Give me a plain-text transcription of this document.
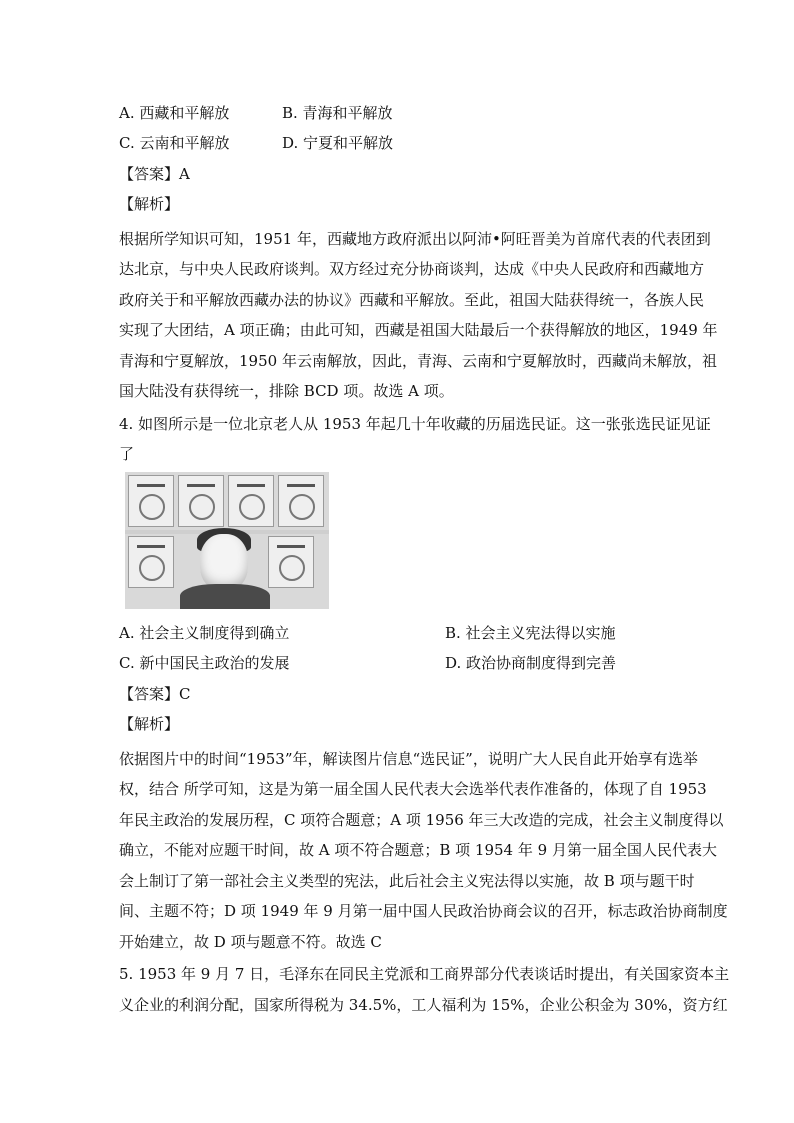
A. 西藏和平解放	B. 青海和平解放
C. 云南和平解放	D. 宁夏和平解放
【答案】A
【解析】
根据所学知识可知，1951 年，西藏地方政府派出以阿沛•阿旺晋美为首席代表的代表团到
达北京，与中央人民政府谈判。双方经过充分协商谈判，达成《中央人民政府和西藏地方
政府关于和平解放西藏办法的协议》西藏和平解放。至此，祖国大陆获得统一，各族人民
实现了大团结，A 项正确；由此可知，西藏是祖国大陆最后一个获得解放的地区，1949 年
青海和宁夏解放，1950 年云南解放，因此，青海、云南和宁夏解放时，西藏尚未解放，祖
国大陆没有获得统一，排除 BCD 项。故选 A 项。
4. 如图所示是一位北京老人从 1953 年起几十年收藏的历届选民证。这一张张选民证见证
了
A. 社会主义制度得到确立	B. 社会主义宪法得以实施
C. 新中国民主政治的发展	D. 政治协商制度得到完善
【答案】C
【解析】
依据图片中的时间“1953”年，解读图片信息“选民证”，说明广大人民自此开始享有选举
权，结合 所学可知，这是为第一届全国人民代表大会选举代表作准备的，体现了自 1953
年民主政治的发展历程，C 项符合题意；A 项 1956 年三大改造的完成，社会主义制度得以
确立，不能对应题干时间，故 A 项不符合题意；B 项 1954 年 9 月第一届全国人民代表大
会上制订了第一部社会主义类型的宪法，此后社会主义宪法得以实施，故 B 项与题干时
间、主题不符；D 项 1949 年 9 月第一届中国人民政治协商会议的召开，标志政治协商制度
开始建立，故 D 项与题意不符。故选 C
5. 1953 年 9 月 7 日，毛泽东在同民主党派和工商界部分代表谈话时提出，有关国家资本主
义企业的利润分配，国家所得税为 34.5%，工人福利为 15%，企业公积金为 30%，资方红
